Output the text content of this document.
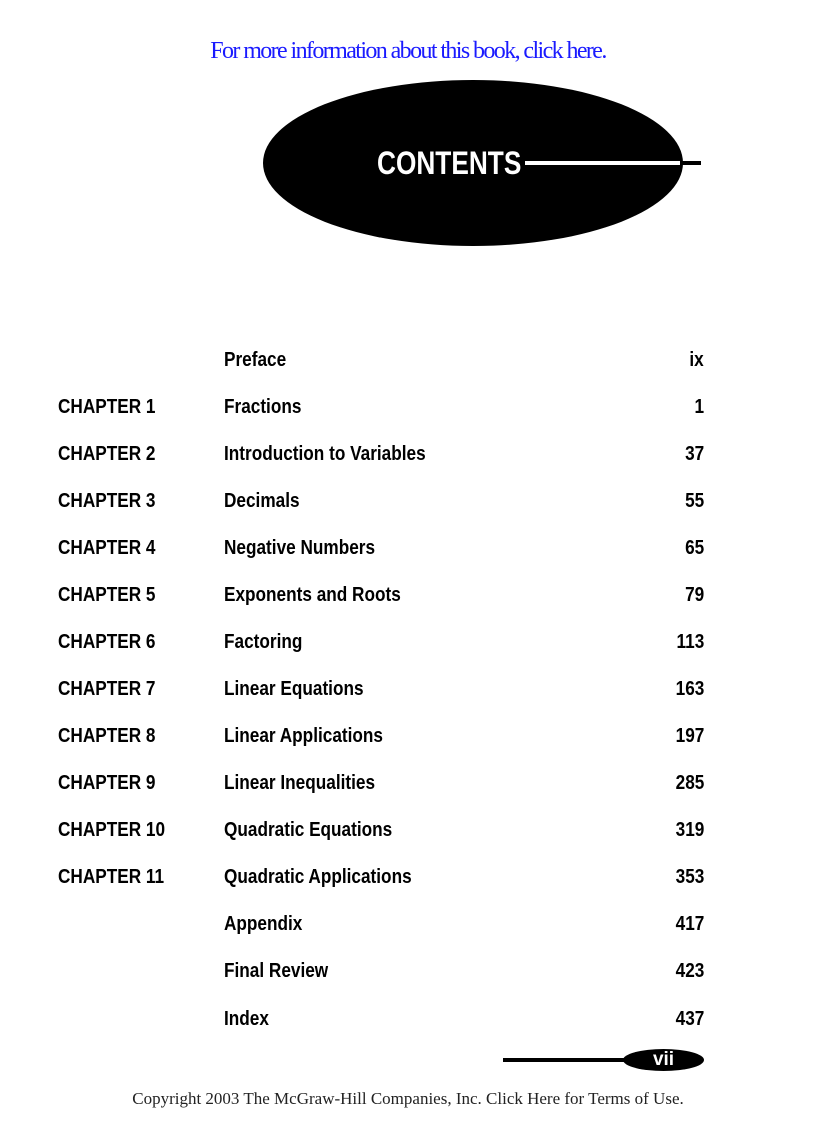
For more information about this book, click here.
CONTENTS
Preface	ix
CHAPTER 1	Fractions	1
CHAPTER 2	Introduction to Variables	37
CHAPTER 3	Decimals	55
CHAPTER 4	Negative Numbers	65
CHAPTER 5	Exponents and Roots	79
CHAPTER 6	Factoring	113
CHAPTER 7	Linear Equations	163
CHAPTER 8	Linear Applications	197
CHAPTER 9	Linear Inequalities	285
CHAPTER 10	Quadratic Equations	319
CHAPTER 11	Quadratic Applications	353
Appendix	417
Final Review	423
Index	437
vii
Copyright 2003 The McGraw-Hill Companies, Inc. Click Here for Terms of Use.
